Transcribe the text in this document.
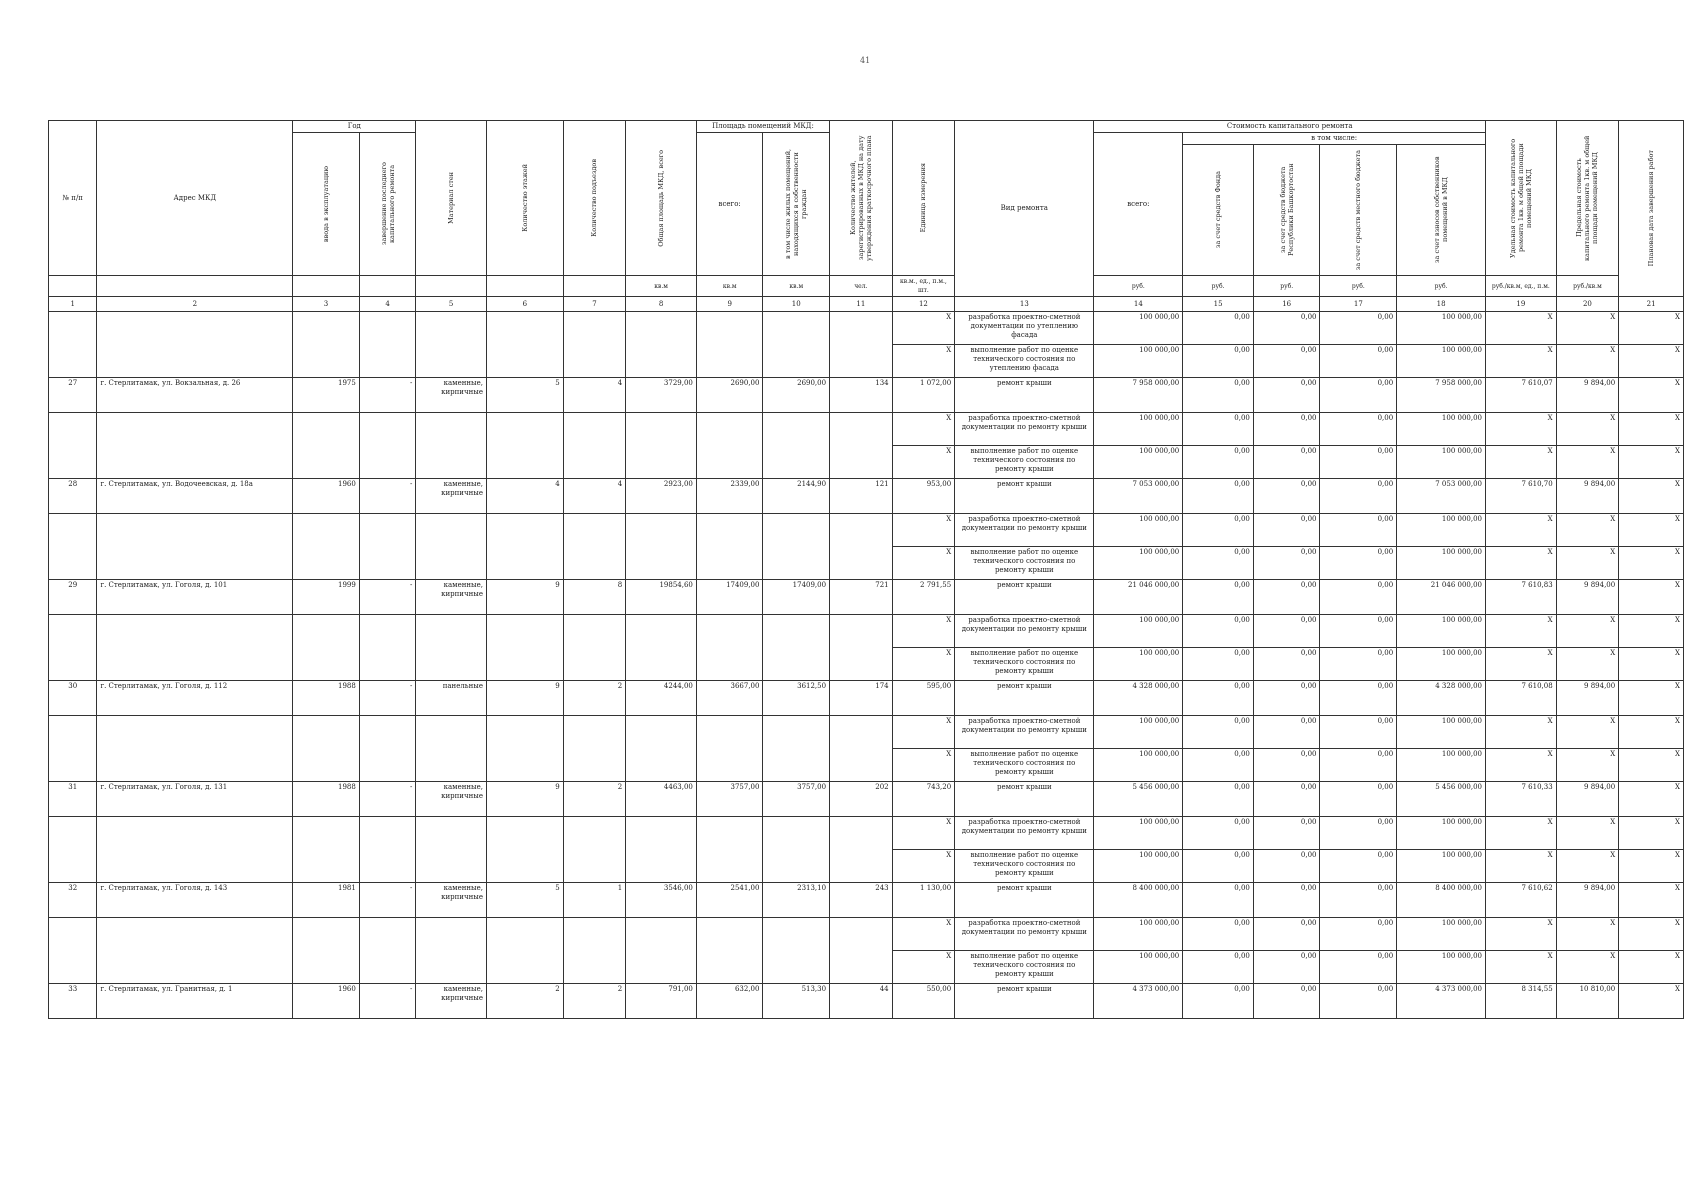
41
№ п/п	Адрес МКД	Год		Материал стен	Количество этажей	Количество подъездов	Общая площадь МКД, всего	Площадь помещений МКД:		Количество жителей, зарегистрированных в МКД на дату утверждения краткосрочного плана	Единица измерения	Вид ремонта	Стоимость капитального ремонта					Удельная стоимость капитального ремонта 1кв. м общей площади помещений МКД	Предельная стоимость капитального ремонта 1кв. м общей площади помещений МКД	Плановая дата завершения работ

		ввода в эксплуатацию	завершение последнего капитального ремонта					всего:	в том числе жилых помещений, находящихся в собственности граждан				всего:	в том числе:						

														за счет средств Фонда	за счет средств бюджета Республики Башкортостан	за счет средств местного бюджета	за счет взносов собственников помещений в МКД			

							кв.м	кв.м	кв.м	чел.	кв.м., ед., п.м., шт.		руб.	руб.	руб.	руб.	руб.	руб./кв.м, ед., п.м.	руб./кв.м	
1	2	3	4	5	6	7	8	9	10	11	12	13	14	15	16	17	18	19	20	21
											X	разработка проектно-сметной документации по утеплению фасада	100 000,00	0,00	0,00	0,00	100 000,00	X	X	X
											X	выполнение работ по оценке технического состояния по утеплению фасада	100 000,00	0,00	0,00	0,00	100 000,00	X	X	X
27	г. Стерлитамак, ул. Вокзальная, д. 26	1975	-	каменные, кирпичные	5	4	3729,00	2690,00	2690,00	134	1 072,00	ремонт крыши	7 958 000,00	0,00	0,00	0,00	7 958 000,00	7 610,07	9 894,00	X
											X	разработка проектно-сметной документации по ремонту крыши	100 000,00	0,00	0,00	0,00	100 000,00	X	X	X
											X	выполнение работ по оценке технического состояния по ремонту крыши	100 000,00	0,00	0,00	0,00	100 000,00	X	X	X
28	г. Стерлитамак, ул. Водочеевская, д. 18а	1960	-	каменные, кирпичные	4	4	2923,00	2339,00	2144,90	121	953,00	ремонт крыши	7 053 000,00	0,00	0,00	0,00	7 053 000,00	7 610,70	9 894,00	X
											X	разработка проектно-сметной документации по ремонту крыши	100 000,00	0,00	0,00	0,00	100 000,00	X	X	X
											X	выполнение работ по оценке технического состояния по ремонту крыши	100 000,00	0,00	0,00	0,00	100 000,00	X	X	X
29	г. Стерлитамак, ул. Гоголя, д. 101	1999	-	каменные, кирпичные	9	8	19854,60	17409,00	17409,00	721	2 791,55	ремонт крыши	21 046 000,00	0,00	0,00	0,00	21 046 000,00	7 610,83	9 894,00	X
											X	разработка проектно-сметной документации по ремонту крыши	100 000,00	0,00	0,00	0,00	100 000,00	X	X	X
											X	выполнение работ по оценке технического состояния по ремонту крыши	100 000,00	0,00	0,00	0,00	100 000,00	X	X	X
30	г. Стерлитамак, ул. Гоголя, д. 112	1988	-	панельные	9	2	4244,00	3667,00	3612,50	174	595,00	ремонт крыши	4 328 000,00	0,00	0,00	0,00	4 328 000,00	7 610,08	9 894,00	X
											X	разработка проектно-сметной документации по ремонту крыши	100 000,00	0,00	0,00	0,00	100 000,00	X	X	X
											X	выполнение работ по оценке технического состояния по ремонту крыши	100 000,00	0,00	0,00	0,00	100 000,00	X	X	X
31	г. Стерлитамак, ул. Гоголя, д. 131	1988	-	каменные, кирпичные	9	2	4463,00	3757,00	3757,00	202	743,20	ремонт крыши	5 456 000,00	0,00	0,00	0,00	5 456 000,00	7 610,33	9 894,00	X
											X	разработка проектно-сметной документации по ремонту крыши	100 000,00	0,00	0,00	0,00	100 000,00	X	X	X
											X	выполнение работ по оценке технического состояния по ремонту крыши	100 000,00	0,00	0,00	0,00	100 000,00	X	X	X
32	г. Стерлитамак, ул. Гоголя, д. 143	1981	-	каменные, кирпичные	5	1	3546,00	2541,00	2313,10	243	1 130,00	ремонт крыши	8 400 000,00	0,00	0,00	0,00	8 400 000,00	7 610,62	9 894,00	X
											X	разработка проектно-сметной документации по ремонту крыши	100 000,00	0,00	0,00	0,00	100 000,00	X	X	X
											X	выполнение работ по оценке технического состояния по ремонту крыши	100 000,00	0,00	0,00	0,00	100 000,00	X	X	X
33	г. Стерлитамак, ул. Гранитная, д. 1	1960	-	каменные, кирпичные	2	2	791,00	632,00	513,30	44	550,00	ремонт крыши	4 373 000,00	0,00	0,00	0,00	4 373 000,00	8 314,55	10 810,00	X
